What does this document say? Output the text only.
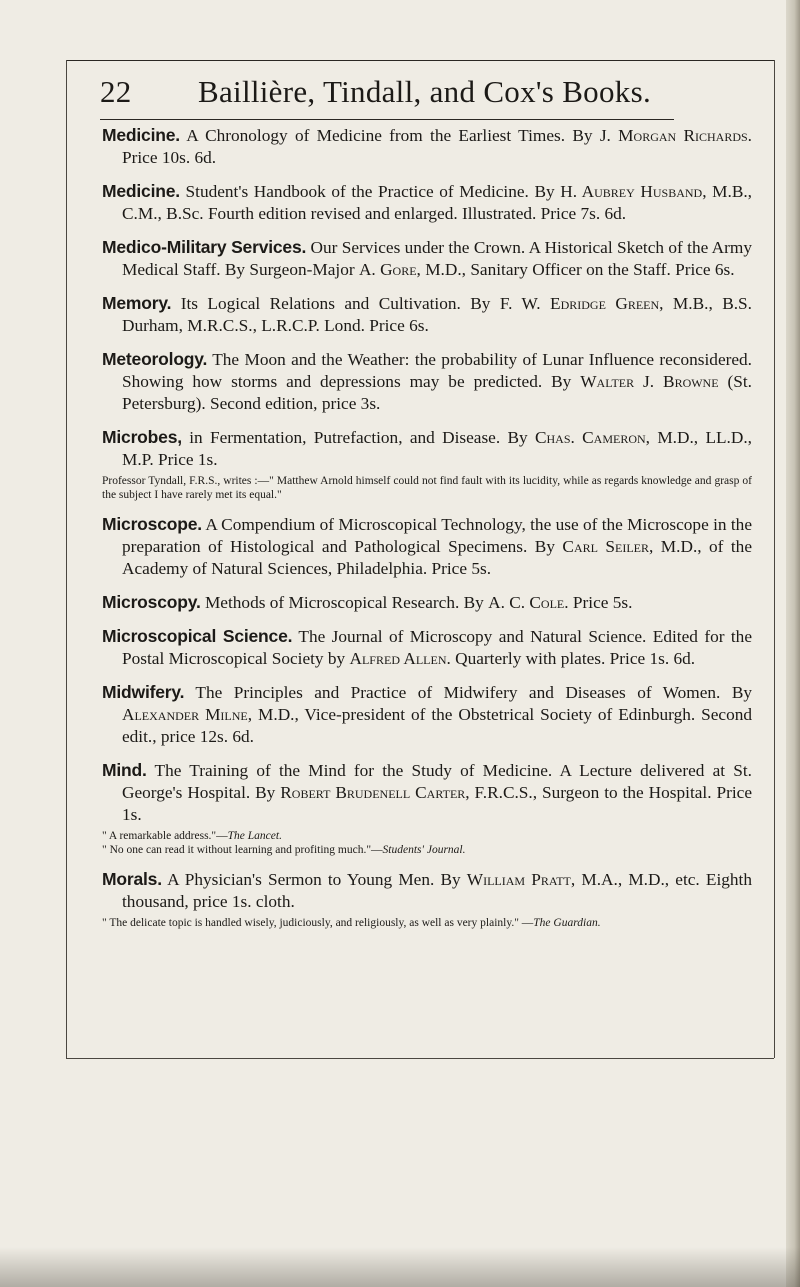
22 Baillière, Tindall, and Cox's Books.

Medicine. A Chronology of Medicine from the Earliest Times. By J. Morgan Richards. Price 10s. 6d.

Medicine. Student's Handbook of the Practice of Medicine. By H. Aubrey Husband, M.B., C.M., B.Sc. Fourth edition revised and enlarged. Illustrated. Price 7s. 6d.

Medico-Military Services. Our Services under the Crown. A Historical Sketch of the Army Medical Staff. By Surgeon-Major A. Gore, M.D., Sanitary Officer on the Staff. Price 6s.

Memory. Its Logical Relations and Cultivation. By F. W. Edridge Green, M.B., B.S. Durham, M.R.C.S., L.R.C.P. Lond. Price 6s.

Meteorology. The Moon and the Weather: the probability of Lunar Influence reconsidered. Showing how storms and depressions may be predicted. By Walter J. Browne (St. Petersburg). Second edition, price 3s.

Microbes, in Fermentation, Putrefaction, and Disease. By Chas. Cameron, M.D., LL.D., M.P. Price 1s.

Professor Tyndall, F.R.S., writes :—" Matthew Arnold himself could not find fault with its lucidity, while as regards knowledge and grasp of the subject I have rarely met its equal."

Microscope. A Compendium of Microscopical Technology, the use of the Microscope in the preparation of Histological and Pathological Specimens. By Carl Seiler, M.D., of the Academy of Natural Sciences, Philadelphia. Price 5s.

Microscopy. Methods of Microscopical Research. By A. C. Cole. Price 5s.

Microscopical Science. The Journal of Microscopy and Natural Science. Edited for the Postal Microscopical Society by Alfred Allen. Quarterly with plates. Price 1s. 6d.

Midwifery. The Principles and Practice of Midwifery and Diseases of Women. By Alexander Milne, M.D., Vice-president of the Obstetrical Society of Edinburgh. Second edit., price 12s. 6d.

Mind. The Training of the Mind for the Study of Medicine. A Lecture delivered at St. George's Hospital. By Robert Brudenell Carter, F.R.C.S., Surgeon to the Hospital. Price 1s.

" A remarkable address."—The Lancet.
" No one can read it without learning and profiting much."—Students' Journal.

Morals. A Physician's Sermon to Young Men. By William Pratt, M.A., M.D., etc. Eighth thousand, price 1s. cloth.

" The delicate topic is handled wisely, judiciously, and religiously, as well as very plainly." —The Guardian.
